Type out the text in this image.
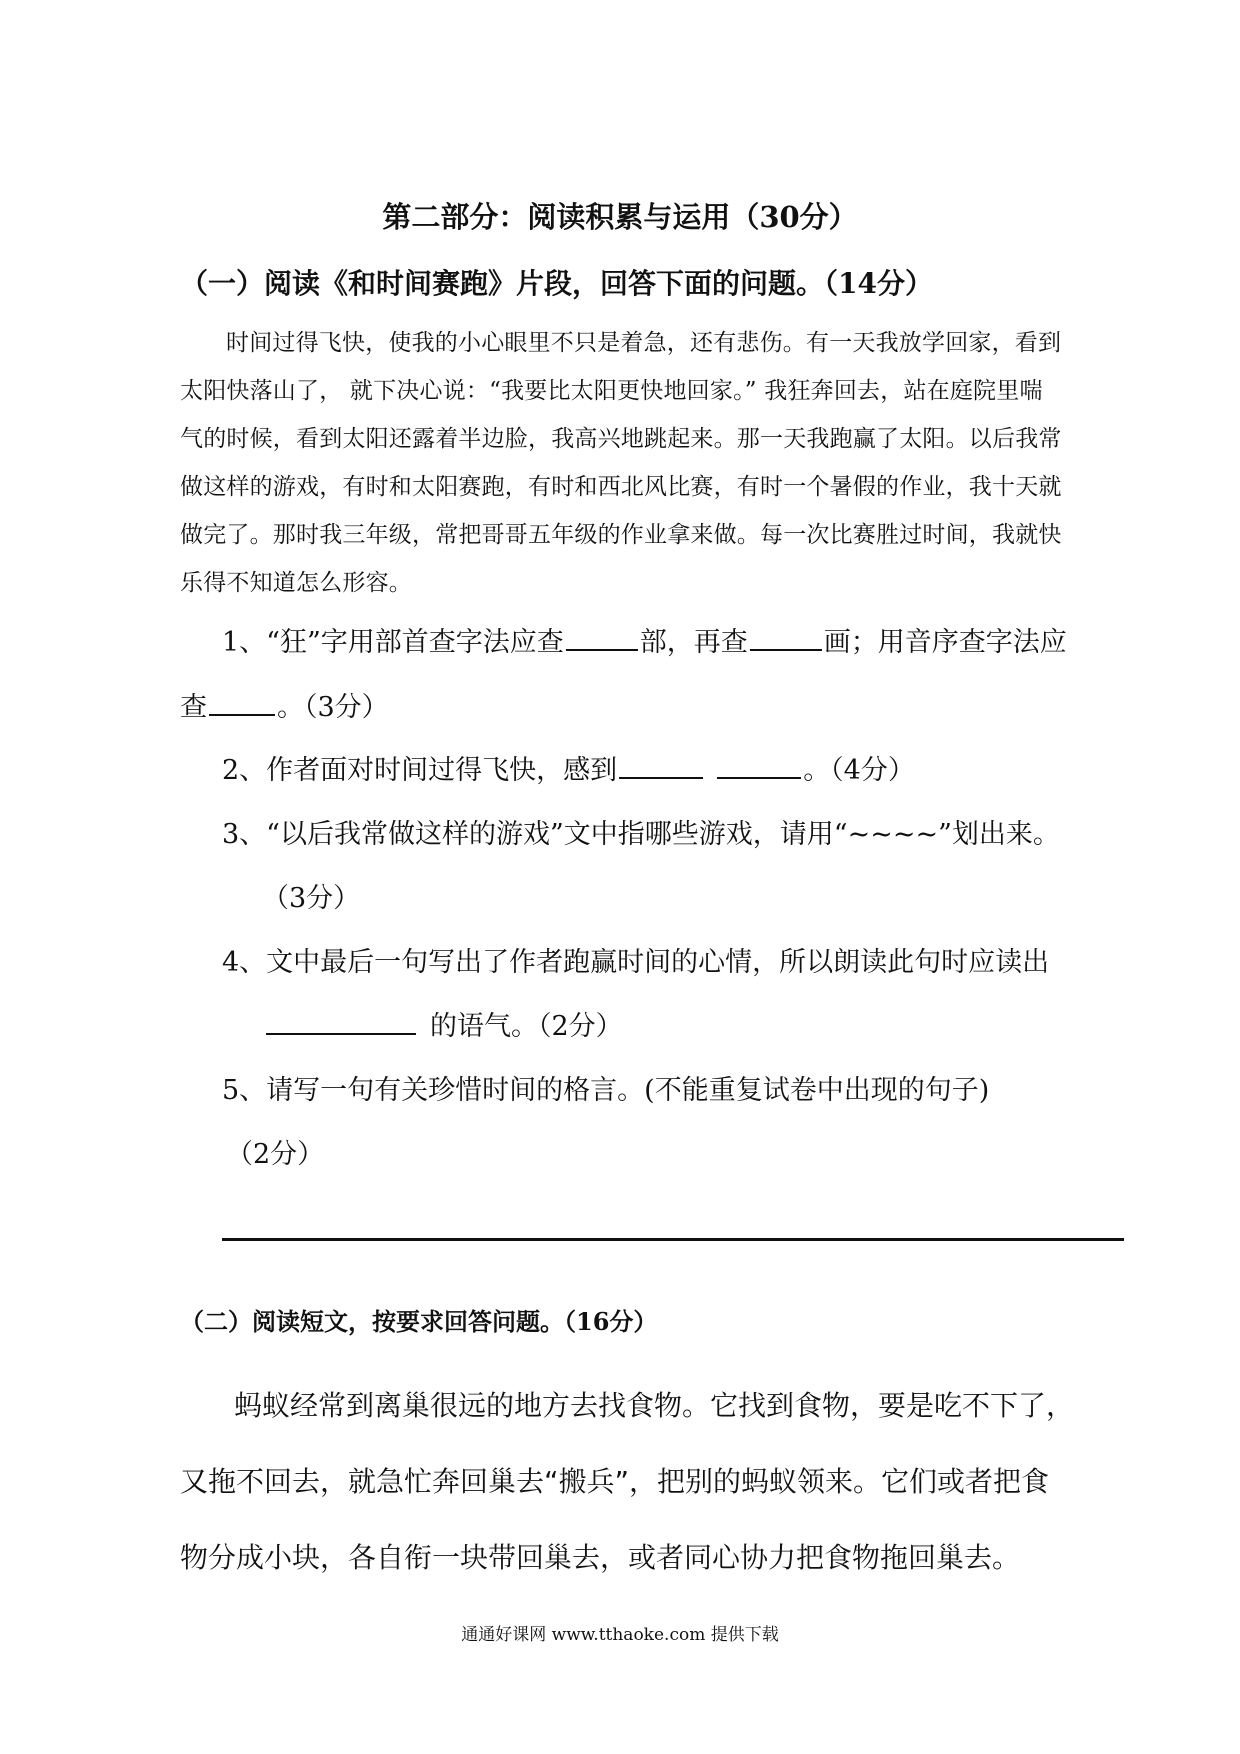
第二部分：阅读积累与运用（30分）
（一）阅读《和时间赛跑》片段，回答下面的问题。（14分）
时间过得飞快，使我的小心眼里不只是着急，还有悲伤。有一天我放学回家，看到
太阳快落山了， 就下决心说：“我要比太阳更快地回家。” 我狂奔回去，站在庭院里喘
气的时候，看到太阳还露着半边脸，我高兴地跳起来。那一天我跑赢了太阳。以后我常
做这样的游戏，有时和太阳赛跑，有时和西北风比赛，有时一个暑假的作业，我十天就
做完了。那时我三年级，常把哥哥五年级的作业拿来做。每一次比赛胜过时间，我就快
乐得不知道怎么形容。
1、“狂”字用部首查字法应查	部，再查	画；用音序查字法应
查	。（3分）
2、作者面对时间过得飞快，感到	。（4分）
3、“以后我常做这样的游戏”文中指哪些游戏，请用“~~~~”划出来。
（3分）
4、文中最后一句写出了作者跑赢时间的心情，所以朗读此句时应读出
的语气。（2分）
5、请写一句有关珍惜时间的格言。(不能重复试卷中出现的句子)
（2分）
（二）阅读短文，按要求回答问题。（16分）
蚂蚁经常到离巢很远的地方去找食物。它找到食物，要是吃不下了，
又拖不回去，就急忙奔回巢去“搬兵”，把别的蚂蚁领来。它们或者把食
物分成小块，各自衔一块带回巢去，或者同心协力把食物拖回巢去。
通通好课网 www.tthaoke.com 提供下载
